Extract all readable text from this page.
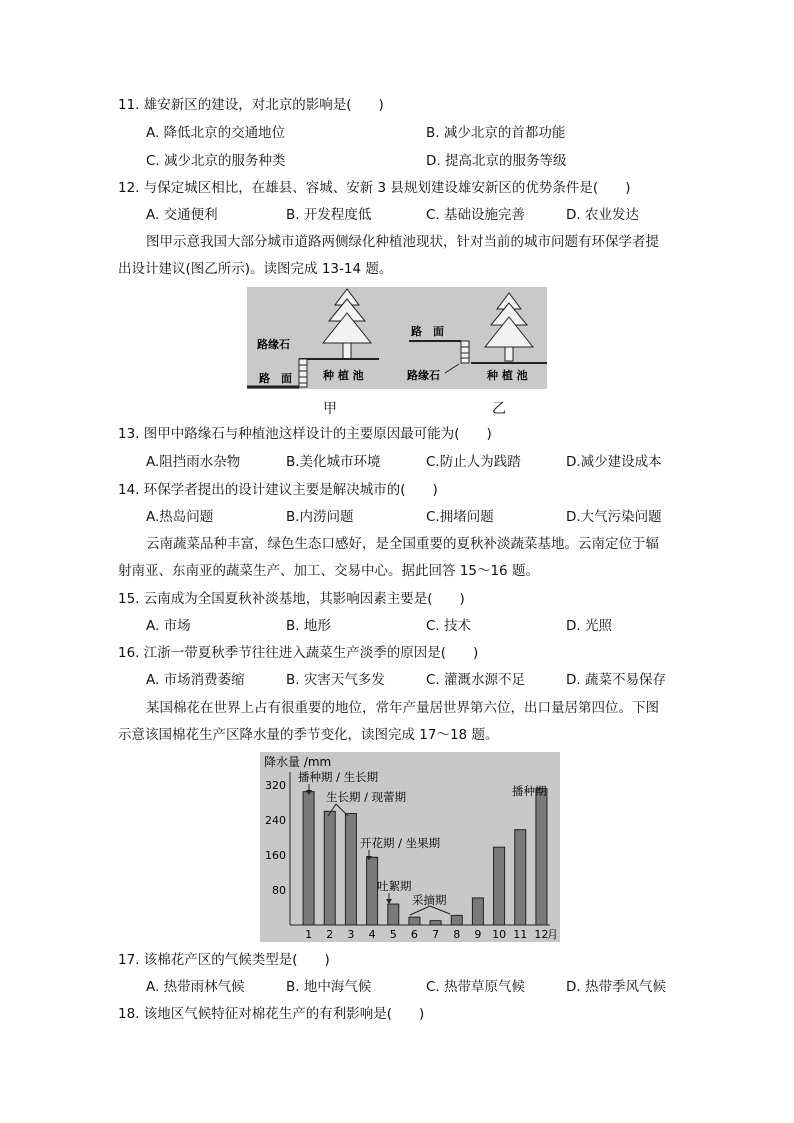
11. 雄安新区的建设，对北京的影响是(　　)
A. 降低北京的交通地位	B. 减少北京的首都功能
C. 减少北京的服务种类	D. 提高北京的服务等级
12. 与保定城区相比，在雄县、容城、安新 3 县规划建设雄安新区的优势条件是(　　)
A. 交通便利	B. 开发程度低	C. 基础设施完善	D. 农业发达
图甲示意我国大部分城市道路两侧绿化种植池现状，针对当前的城市问题有环保学者提
出设计建议(图乙所示)。读图完成 13-14 题。
路缘石
路　面	种 植 池
路　面
路缘石	种 植 池
甲	乙
13. 图甲中路缘石与种植池这样设计的主要原因最可能为(　　)
A.阻挡雨水杂物	B.美化城市环境	C.防止人为践踏	D.减少建设成本
14. 环保学者提出的设计建议主要是解决城市的(　　)
A.热岛问题	B.内涝问题	C.拥堵问题	D.大气污染问题
云南蔬菜品种丰富，绿色生态口感好，是全国重要的夏秋补淡蔬菜基地。云南定位于辐
射南亚、东南亚的蔬菜生产、加工、交易中心。据此回答 15～16 题。
15. 云南成为全国夏秋补淡基地，其影响因素主要是(　　)
A. 市场	B. 地形	C. 技术	D. 光照
16. 江浙一带夏秋季节往往进入蔬菜生产淡季的原因是(　　)
A. 市场消费萎缩	B. 灾害天气多发	C. 灌溉水源不足	D. 蔬菜不易保存
某国棉花在世界上占有很重要的地位，常年产量居世界第六位，出口量居第四位。下图
示意该国棉花生产区降水量的季节变化，读图完成 17～18 题。
降水量 /mm
80
160
240
320
1 2 3 4 5 6 7 8 9 10 11 12
月
播种期 / 生长期
生长期 / 现蕾期
开花期 / 坐果期
吐絮期
采摘期
播种期
17. 该棉花产区的气候类型是(　　)
A. 热带雨林气候	B. 地中海气候	C. 热带草原气候	D. 热带季风气候
18. 该地区气候特征对棉花生产的有利影响是(　　)
